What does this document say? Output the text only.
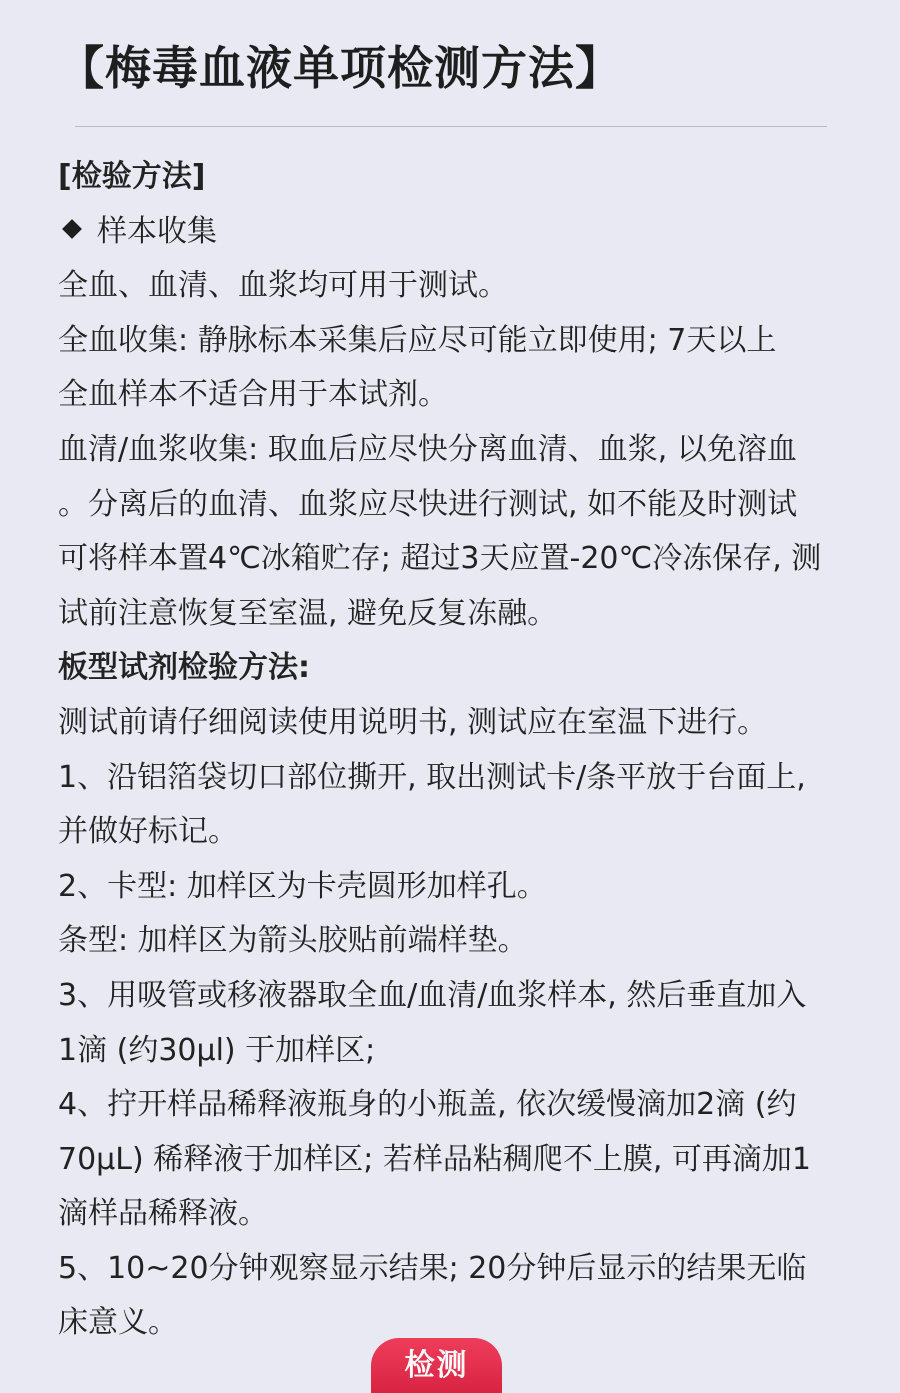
【梅毒血液单项检测方法】
[检验方法]
样本收集
全血、血清、血浆均可用于测试。
全血收集: 静脉标本采集后应尽可能立即使用; 7天以上
全血样本不适合用于本试剂。
血清/血浆收集: 取血后应尽快分离血清、血浆, 以免溶血
。分离后的血清、血浆应尽快进行测试, 如不能及时测试
可将样本置4℃冰箱贮存; 超过3天应置-20℃冷冻保存, 测
试前注意恢复至室温, 避免反复冻融。
板型试剂检验方法:
测试前请仔细阅读使用说明书, 测试应在室温下进行。
1、沿铝箔袋切口部位撕开, 取出测试卡/条平放于台面上,
并做好标记。
2、卡型: 加样区为卡壳圆形加样孔。
条型: 加样区为箭头胶贴前端样垫。
3、用吸管或移液器取全血/血清/血浆样本, 然后垂直加入
1滴 (约30μl) 于加样区;
4、拧开样品稀释液瓶身的小瓶盖, 依次缓慢滴加2滴 (约
70μL) 稀释液于加样区; 若样品粘稠爬不上膜, 可再滴加1
滴样品稀释液。
5、10~20分钟观察显示结果; 20分钟后显示的结果无临
床意义。
检测
